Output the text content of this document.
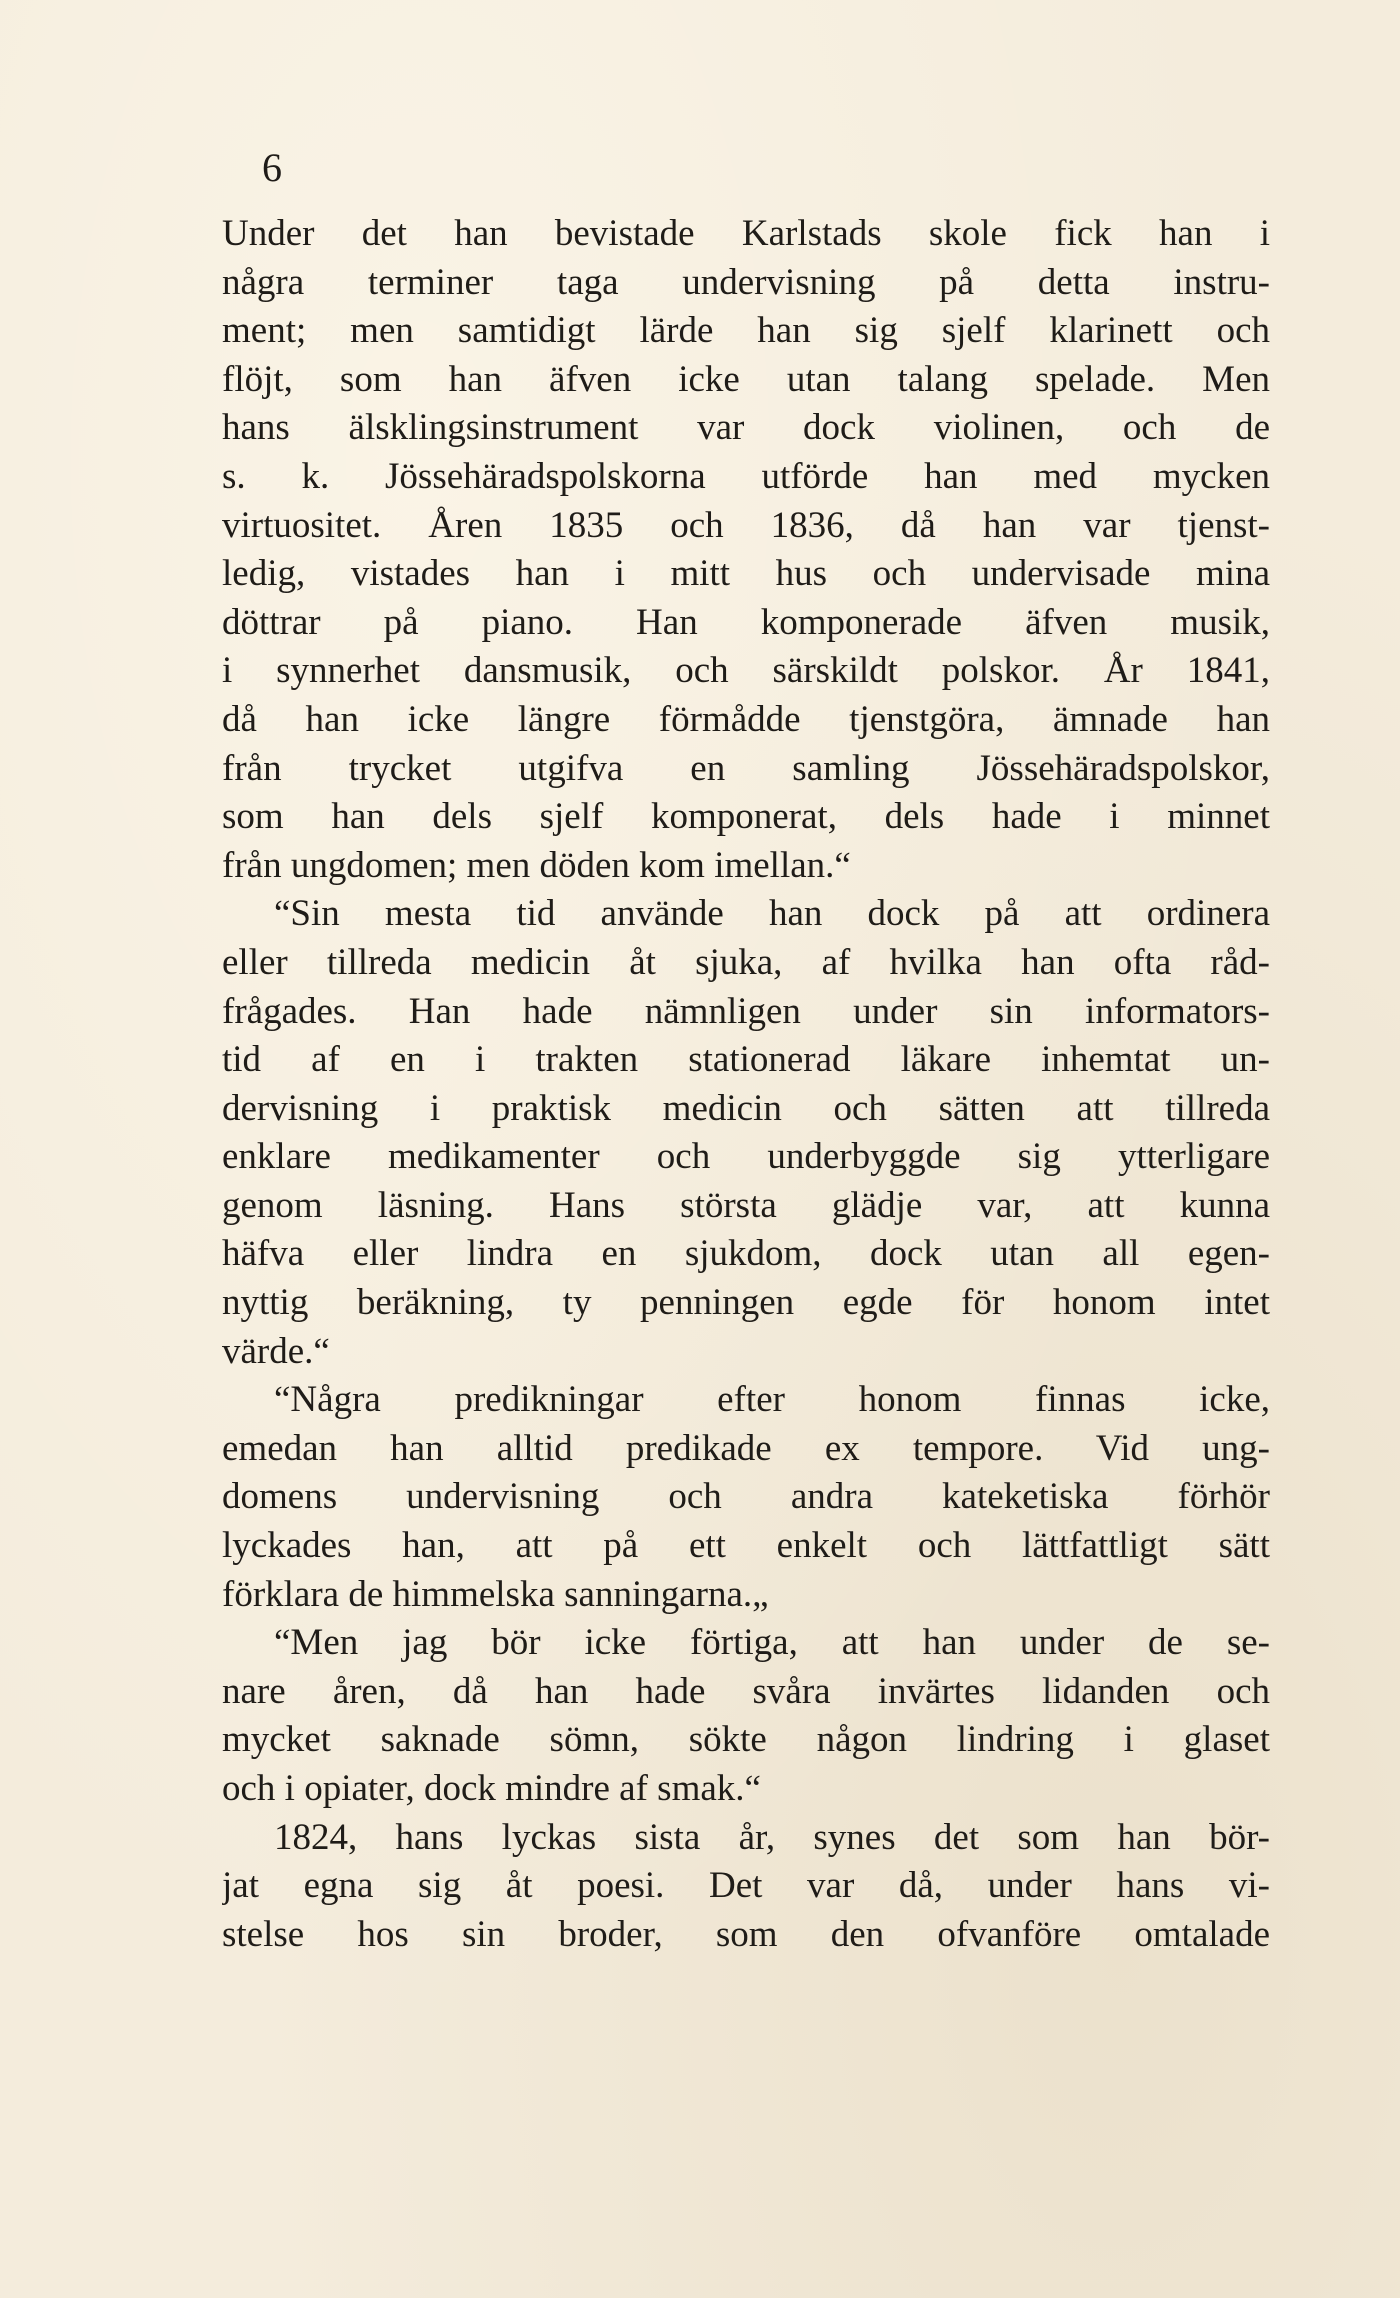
6
Under det han bevistade Karlstads skole fick han i
några terminer taga undervisning på detta instru-
ment; men samtidigt lärde han sig sjelf klarinett och
flöjt, som han äfven icke utan talang spelade. Men
hans älsklingsinstrument var dock violinen, och de
s. k. Jössehäradspolskorna utförde han med mycken
virtuositet. Åren 1835 och 1836, då han var tjenst-
ledig, vistades han i mitt hus och undervisade mina
döttrar på piano. Han komponerade äfven musik,
i synnerhet dansmusik, och särskildt polskor. År 1841,
då han icke längre förmådde tjenstgöra, ämnade han
från trycket utgifva en samling Jössehäradspolskor,
som han dels sjelf komponerat, dels hade i minnet
från ungdomen; men döden kom imellan.“
“Sin mesta tid använde han dock på att ordinera
eller tillreda medicin åt sjuka, af hvilka han ofta råd-
frågades. Han hade nämnligen under sin informators-
tid af en i trakten stationerad läkare inhemtat un-
dervisning i praktisk medicin och sätten att tillreda
enklare medikamenter och underbyggde sig ytterligare
genom läsning. Hans största glädje var, att kunna
häfva eller lindra en sjukdom, dock utan all egen-
nyttig beräkning, ty penningen egde för honom intet
värde.“
“Några predikningar efter honom finnas icke,
emedan han alltid predikade ex tempore. Vid ung-
domens undervisning och andra kateketiska förhör
lyckades han, att på ett enkelt och lättfattligt sätt
förklara de himmelska sanningarna.„
“Men jag bör icke förtiga, att han under de se-
nare åren, då han hade svåra invärtes lidanden och
mycket saknade sömn, sökte någon lindring i glaset
och i opiater, dock mindre af smak.“
1824, hans lyckas sista år, synes det som han bör-
jat egna sig åt poesi. Det var då, under hans vi-
stelse hos sin broder, som den ofvanföre omtalade
